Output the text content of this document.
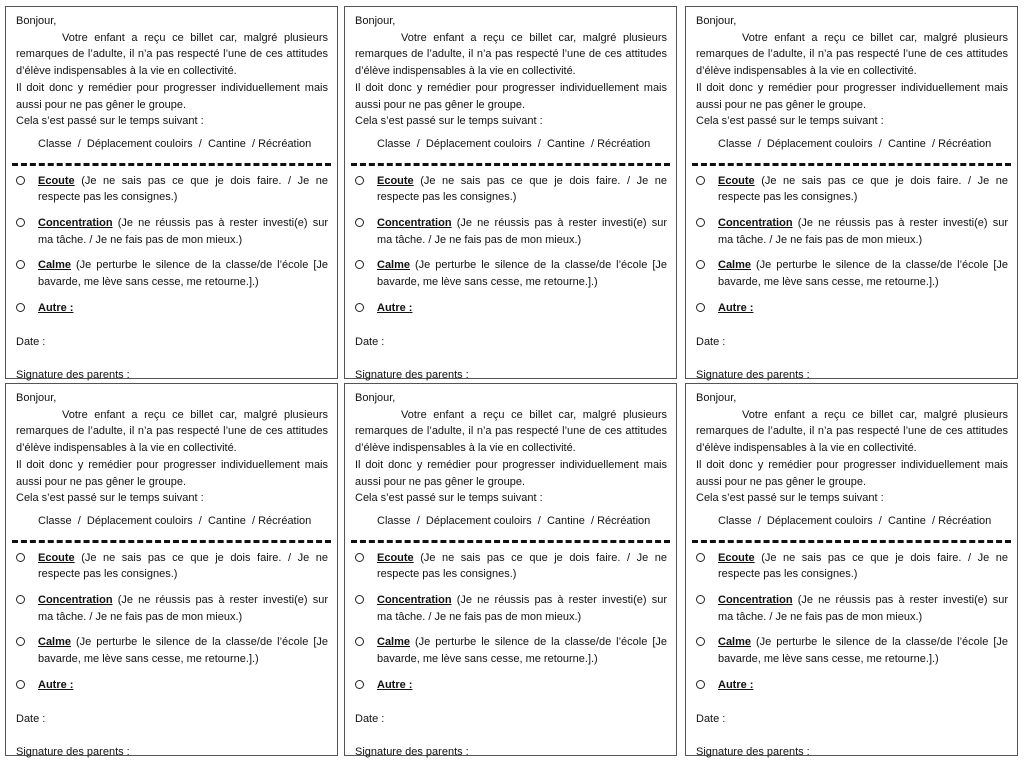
Bonjour,

Votre enfant a reçu ce billet car, malgré plusieurs remarques de l’adulte, il n’a pas respecté l’une de ces attitudes d’élève indispensables à la vie en collectivité.

Il doit donc y remédier pour progresser individuellement mais aussi pour ne pas gêner le groupe.

Cela s’est passé sur le temps suivant :

Classe  /  Déplacement couloirs  /  Cantine  / Récréation

Ecoute (Je ne sais pas ce que je dois faire. / Je ne respecte pas les consignes.)
Concentration (Je ne réussis pas à rester investi(e) sur ma tâche. / Je ne fais pas de mon mieux.)
Calme (Je perturbe le silence de la classe/de l’école [Je bavarde, me lève sans cesse, me retourne.].)
Autre :

Date :

Signature des parents :

Bonjour,

Votre enfant a reçu ce billet car, malgré plusieurs remarques de l’adulte, il n’a pas respecté l’une de ces attitudes d’élève indispensables à la vie en collectivité.

Il doit donc y remédier pour progresser individuellement mais aussi pour ne pas gêner le groupe.

Cela s’est passé sur le temps suivant :

Classe  /  Déplacement couloirs  /  Cantine  / Récréation

Ecoute (Je ne sais pas ce que je dois faire. / Je ne respecte pas les consignes.)
Concentration (Je ne réussis pas à rester investi(e) sur ma tâche. / Je ne fais pas de mon mieux.)
Calme (Je perturbe le silence de la classe/de l’école [Je bavarde, me lève sans cesse, me retourne.].)
Autre :

Date :

Signature des parents :

Bonjour,

Votre enfant a reçu ce billet car, malgré plusieurs remarques de l’adulte, il n’a pas respecté l’une de ces attitudes d’élève indispensables à la vie en collectivité.

Il doit donc y remédier pour progresser individuellement mais aussi pour ne pas gêner le groupe.

Cela s’est passé sur le temps suivant :

Classe  /  Déplacement couloirs  /  Cantine  / Récréation

Ecoute (Je ne sais pas ce que je dois faire. / Je ne respecte pas les consignes.)
Concentration (Je ne réussis pas à rester investi(e) sur ma tâche. / Je ne fais pas de mon mieux.)
Calme (Je perturbe le silence de la classe/de l’école [Je bavarde, me lève sans cesse, me retourne.].)
Autre :

Date :

Signature des parents :

Bonjour,

Votre enfant a reçu ce billet car, malgré plusieurs remarques de l’adulte, il n’a pas respecté l’une de ces attitudes d’élève indispensables à la vie en collectivité.

Il doit donc y remédier pour progresser individuellement mais aussi pour ne pas gêner le groupe.

Cela s’est passé sur le temps suivant :

Classe  /  Déplacement couloirs  /  Cantine  / Récréation

Ecoute (Je ne sais pas ce que je dois faire. / Je ne respecte pas les consignes.)
Concentration (Je ne réussis pas à rester investi(e) sur ma tâche. / Je ne fais pas de mon mieux.)
Calme (Je perturbe le silence de la classe/de l’école [Je bavarde, me lève sans cesse, me retourne.].)
Autre :

Date :

Signature des parents :

Bonjour,

Votre enfant a reçu ce billet car, malgré plusieurs remarques de l’adulte, il n’a pas respecté l’une de ces attitudes d’élève indispensables à la vie en collectivité.

Il doit donc y remédier pour progresser individuellement mais aussi pour ne pas gêner le groupe.

Cela s’est passé sur le temps suivant :

Classe  /  Déplacement couloirs  /  Cantine  / Récréation

Ecoute (Je ne sais pas ce que je dois faire. / Je ne respecte pas les consignes.)
Concentration (Je ne réussis pas à rester investi(e) sur ma tâche. / Je ne fais pas de mon mieux.)
Calme (Je perturbe le silence de la classe/de l’école [Je bavarde, me lève sans cesse, me retourne.].)
Autre :

Date :

Signature des parents :

Bonjour,

Votre enfant a reçu ce billet car, malgré plusieurs remarques de l’adulte, il n’a pas respecté l’une de ces attitudes d’élève indispensables à la vie en collectivité.

Il doit donc y remédier pour progresser individuellement mais aussi pour ne pas gêner le groupe.

Cela s’est passé sur le temps suivant :

Classe  /  Déplacement couloirs  /  Cantine  / Récréation

Ecoute (Je ne sais pas ce que je dois faire. / Je ne respecte pas les consignes.)
Concentration (Je ne réussis pas à rester investi(e) sur ma tâche. / Je ne fais pas de mon mieux.)
Calme (Je perturbe le silence de la classe/de l’école [Je bavarde, me lève sans cesse, me retourne.].)
Autre :

Date :

Signature des parents :
